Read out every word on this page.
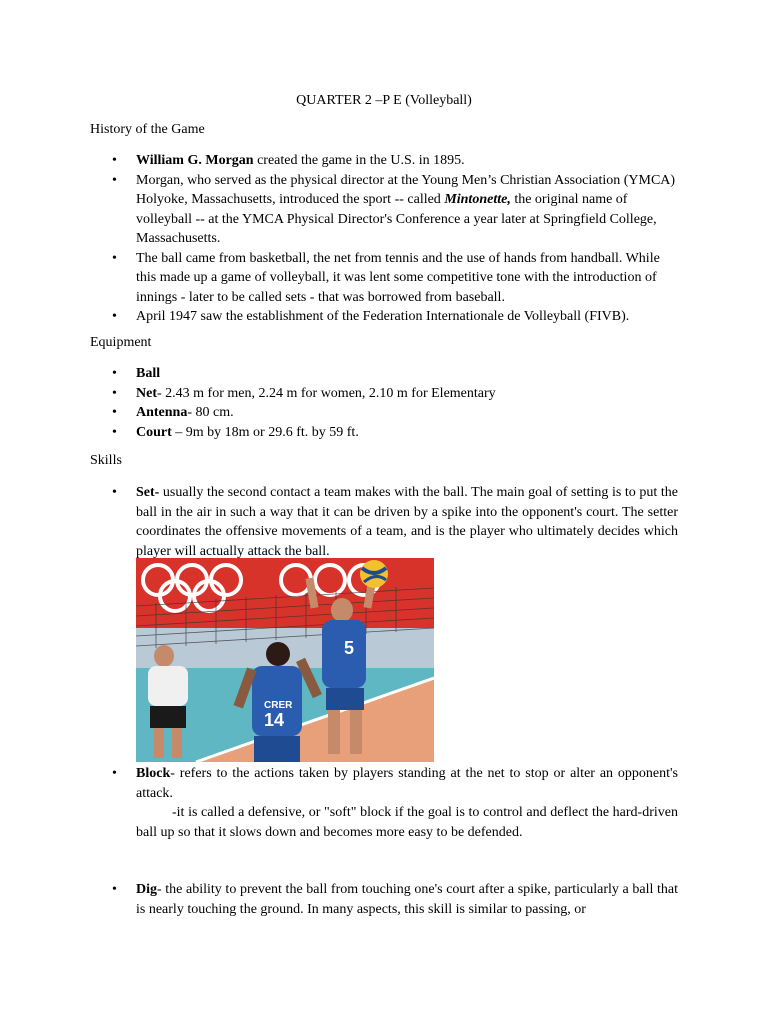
QUARTER 2 –P E (Volleyball)
History of the Game
• William G. Morgan created the game in the U.S. in 1895.
• Morgan, who served as the physical director at the Young Men’s Christian Association (YMCA) Holyoke, Massachusetts, introduced the sport -- called Mintonette, the original name of volleyball -- at the YMCA Physical Director's Conference a year later at Springfield College, Massachusetts.
• The ball came from basketball, the net from tennis and the use of hands from handball. While this made up a game of volleyball, it was lent some competitive tone with the introduction of innings - later to be called sets - that was borrowed from baseball.
• April 1947 saw the establishment of the Federation Internationale de Volleyball (FIVB).
Equipment
• Ball
• Net- 2.43 m for men, 2.24 m for women, 2.10 m for Elementary
• Antenna- 80 cm.
• Court – 9m by 18m or 29.6 ft. by 59 ft.
Skills
• Set- usually the second contact a team makes with the ball. The main goal of setting is to put the ball in the air in such a way that it can be driven by a spike into the opponent's court. The setter coordinates the offensive movements of a team, and is the player who ultimately decides which player will actually attack the ball.
5
CRER
14
• Block- refers to the actions taken by players standing at the net to stop or alter an opponent's attack.
-it is called a defensive, or "soft" block if the goal is to control and deflect the hard-driven ball up so that it slows down and becomes more easy to be defended.
• Dig- the ability to prevent the ball from touching one's court after a spike, particularly a ball that is nearly touching the ground. In many aspects, this skill is similar to passing, or
